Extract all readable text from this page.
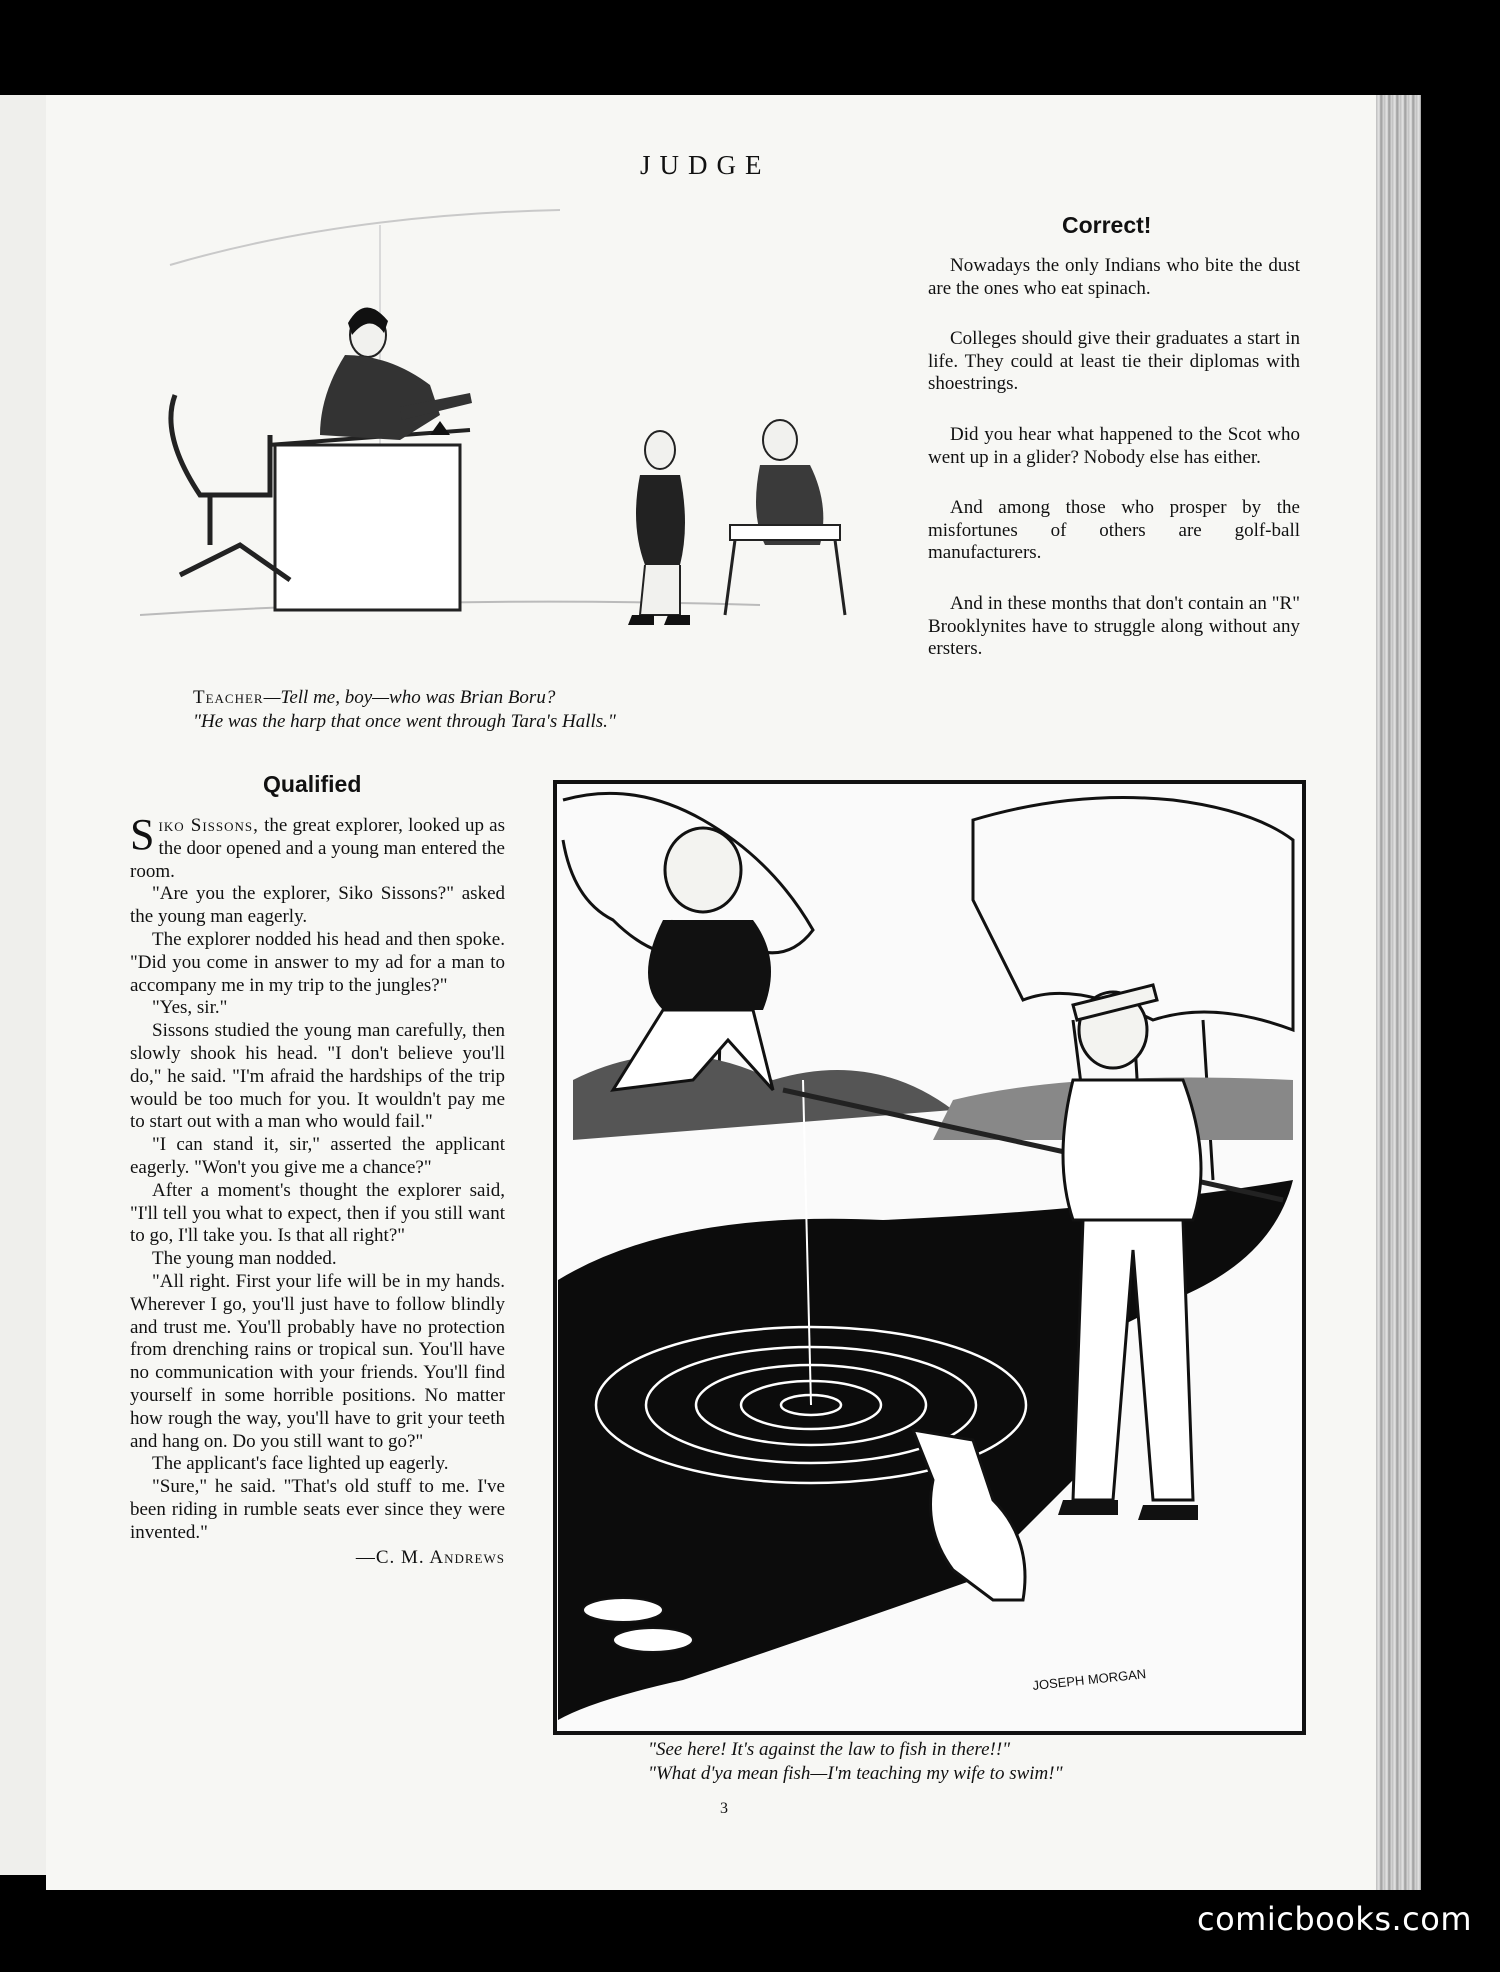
JUDGE
Teacher—Tell me, boy—who was Brian Boru?
"He was the harp that once went through Tara's Halls."
Correct!

Nowadays the only Indians who bite the dust are the ones who eat spinach.

Colleges should give their graduates a start in life. They could at least tie their diplomas with shoestrings.

Did you hear what happened to the Scot who went up in a glider? Nobody else has either.

And among those who prosper by the misfortunes of others are golf-ball manufacturers.

And in these months that don't contain an "R" Brooklynites have to struggle along without any ersters.

Qualified

Siko Sissons, the great explorer, looked up as the door opened and a young man entered the room.

"Are you the explorer, Siko Sissons?" asked the young man eagerly.

The explorer nodded his head and then spoke. "Did you come in answer to my ad for a man to accompany me in my trip to the jungles?"

"Yes, sir."

Sissons studied the young man carefully, then slowly shook his head. "I don't believe you'll do," he said. "I'm afraid the hardships of the trip would be too much for you. It wouldn't pay me to start out with a man who would fail."

"I can stand it, sir," asserted the applicant eagerly. "Won't you give me a chance?"

After a moment's thought the explorer said, "I'll tell you what to expect, then if you still want to go, I'll take you. Is that all right?"

The young man nodded.

"All right. First your life will be in my hands. Wherever I go, you'll just have to follow blindly and trust me. You'll probably have no protection from drenching rains or tropical sun. You'll have no communication with your friends. You'll find yourself in some horrible positions. No matter how rough the way, you'll have to grit your teeth and hang on. Do you still want to go?"

The applicant's face lighted up eagerly.

"Sure," he said. "That's old stuff to me. I've been riding in rumble seats ever since they were invented."

—C. M. Andrews
JOSEPH MORGAN
"See here! It's against the law to fish in there!!"
"What d'ya mean fish—I'm teaching my wife to swim!"
3
comicbooks.com
